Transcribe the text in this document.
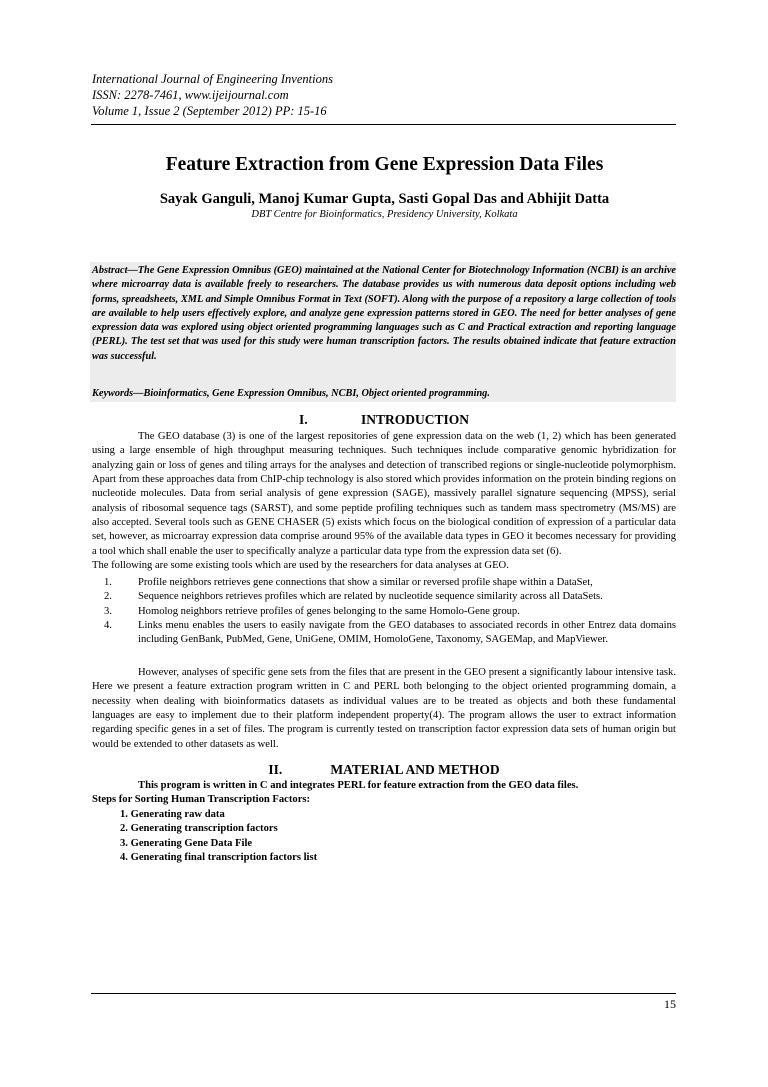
International Journal of Engineering Inventions
ISSN: 2278-7461, www.ijeijournal.com
Volume 1, Issue 2 (September 2012) PP: 15-16
Feature Extraction from Gene Expression Data Files
Sayak Ganguli, Manoj Kumar Gupta, Sasti Gopal Das and Abhijit Datta
DBT Centre for Bioinformatics, Presidency University, Kolkata

Abstract—The Gene Expression Omnibus (GEO) maintained at the National Center for Biotechnology Information (NCBI) is an archive where microarray data is available freely to researchers. The database provides us with numerous data deposit options including web forms, spreadsheets, XML and Simple Omnibus Format in Text (SOFT). Along with the purpose of a repository a large collection of tools are available to help users effectively explore, and analyze gene expression patterns stored in GEO. The need for better analyses of gene expression data was explored using object oriented programming languages such as C and Practical extraction and reporting language (PERL). The test set that was used for this study were human transcription factors. The results obtained indicate that feature extraction was successful.

Keywords—Bioinformatics, Gene Expression Omnibus, NCBI, Object oriented programming.

I.	INTRODUCTION

The GEO database (3) is one of the largest repositories of gene expression data on the web (1, 2) which has been generated using a large ensemble of high throughput measuring techniques. Such techniques include comparative genomic hybridization for analyzing gain or loss of genes and tiling arrays for the analyses and detection of transcribed regions or single-nucleotide polymorphism. Apart from these approaches data from ChIP-chip technology is also stored which provides information on the protein binding regions on nucleotide molecules. Data from serial analysis of gene expression (SAGE), massively parallel signature sequencing (MPSS), serial analysis of ribosomal sequence tags (SARST), and some peptide profiling techniques such as tandem mass spectrometry (MS/MS) are also accepted. Several tools such as GENE CHASER (5) exists which focus on the biological condition of expression of a particular data set, however, as microarray expression data comprise around 95% of the available data types in GEO it becomes necessary for providing a tool which shall enable the user to specifically analyze a particular data type from the expression data set (6).

The following are some existing tools which are used by the researchers for data analyses at GEO.

1. Profile neighbors retrieves gene connections that show a similar or reversed profile shape within a DataSet,
2. Sequence neighbors retrieves profiles which are related by nucleotide sequence similarity across all DataSets.
3. Homolog neighbors retrieve profiles of genes belonging to the same Homolo-Gene group.
4. Links menu enables the users to easily navigate from the GEO databases to associated records in other Entrez data domains including GenBank, PubMed, Gene, UniGene, OMIM, HomoloGene, Taxonomy, SAGEMap, and MapViewer.

However, analyses of specific gene sets from the files that are present in the GEO present a significantly labour intensive task. Here we present a feature extraction program written in C and PERL both belonging to the object oriented programming domain, a necessity when dealing with bioinformatics datasets as individual values are to be treated as objects and both these fundamental languages are easy to implement due to their platform independent property(4). The program allows the user to extract information regarding specific genes in a set of files. The program is currently tested on transcription factor expression data sets of human origin but would be extended to other datasets as well.

II.	MATERIAL AND METHOD
This program is written in C and integrates PERL for feature extraction from the GEO data files.
Steps for Sorting Human Transcription Factors:
1. Generating raw data
2. Generating transcription factors
3. Generating Gene Data File
4. Generating final transcription factors list
15
